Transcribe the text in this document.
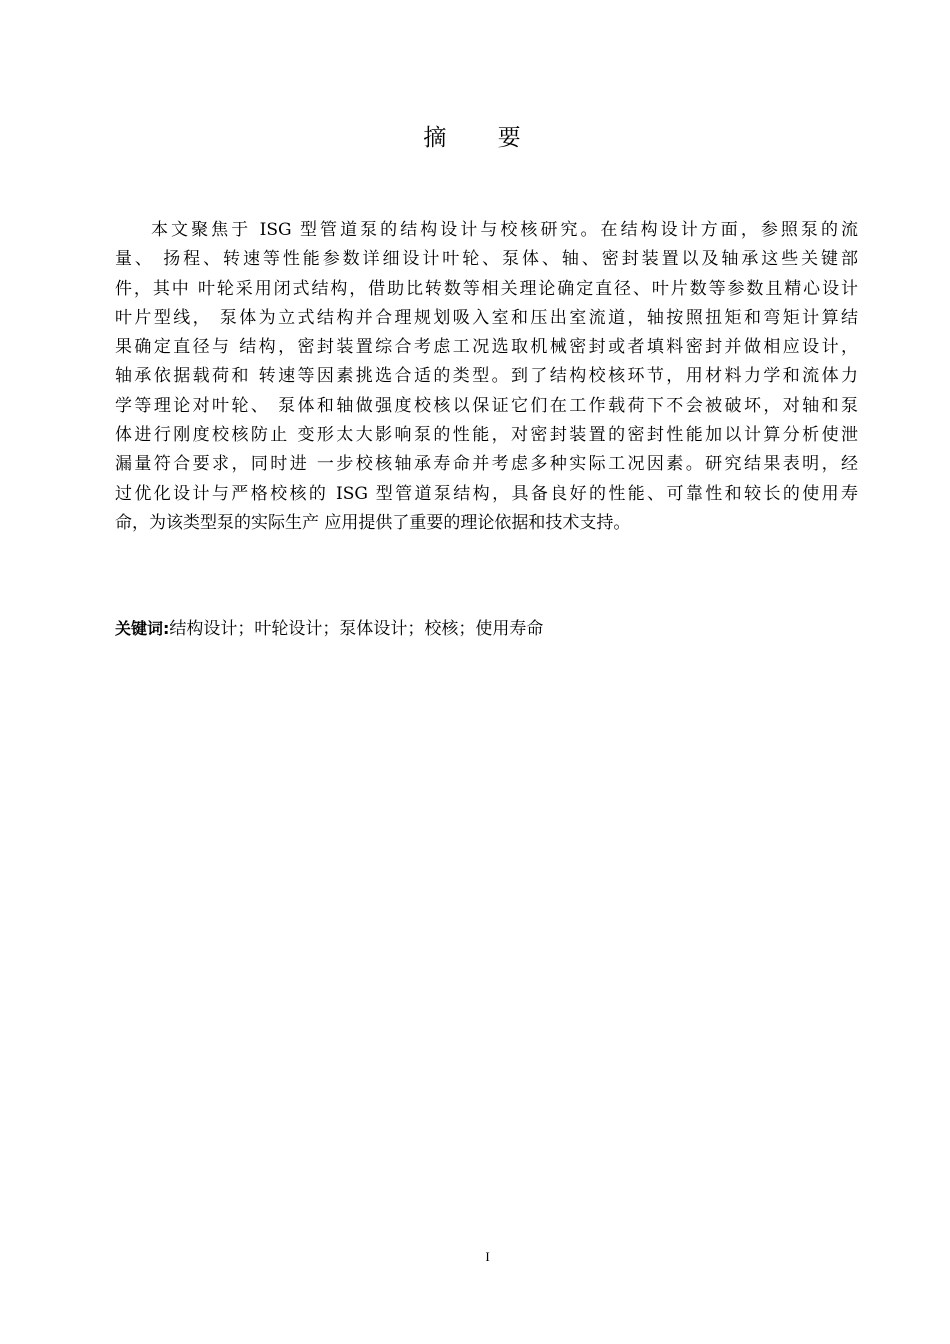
摘 要

本文聚焦于 ISG 型管道泵的结构设计与校核研究。在结构设计方面，参照泵的流
量、 扬程、转速等性能参数详细设计叶轮、泵体、轴、密封装置以及轴承这些关键部
件，其中 叶轮采用闭式结构，借助比转数等相关理论确定直径、叶片数等参数且精心设计
叶片型线， 泵体为立式结构并合理规划吸入室和压出室流道，轴按照扭矩和弯矩计算结
果确定直径与 结构，密封装置综合考虑工况选取机械密封或者填料密封并做相应设计，
轴承依据载荷和 转速等因素挑选合适的类型。到了结构校核环节，用材料力学和流体力
学等理论对叶轮、 泵体和轴做强度校核以保证它们在工作载荷下不会被破坏，对轴和泵
体进行刚度校核防止 变形太大影响泵的性能，对密封装置的密封性能加以计算分析使泄
漏量符合要求，同时进 一步校核轴承寿命并考虑多种实际工况因素。研究结果表明，经
过优化设计与严格校核的 ISG 型管道泵结构，具备良好的性能、可靠性和较长的使用寿
命，为该类型泵的实际生产 应用提供了重要的理论依据和技术支持。

关键词:结构设计；叶轮设计；泵体设计；校核；使用寿命
I
